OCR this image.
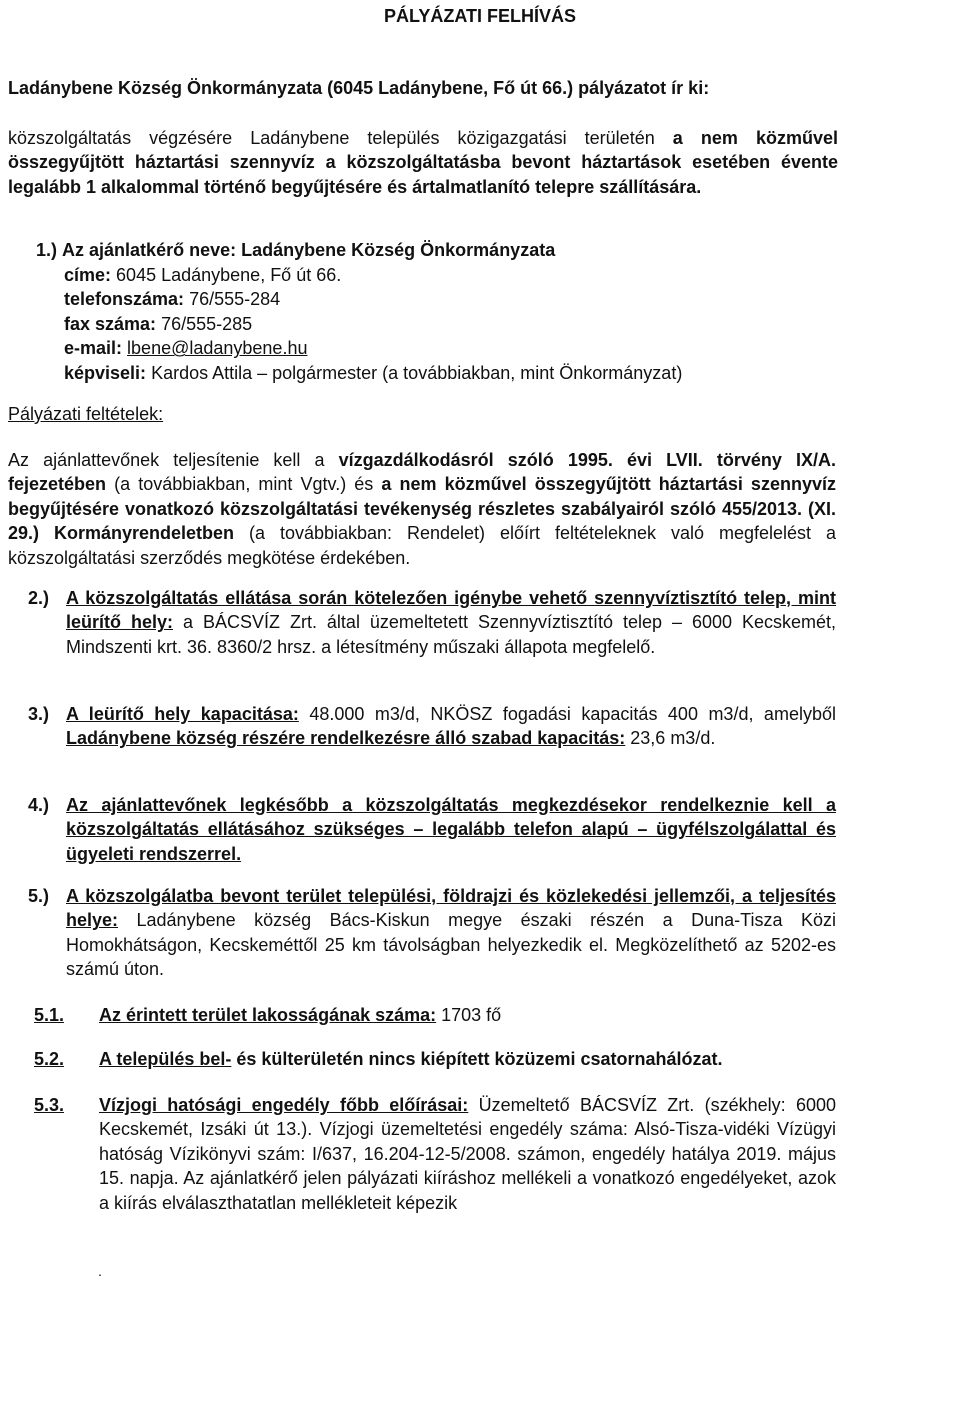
PÁLYÁZATI FELHÍVÁS
Ladánybene Község Önkormányzata (6045 Ladánybene, Fő út 66.) pályázatot ír ki:
közszolgáltatás végzésére Ladánybene település közigazgatási területén a nem közművel összegyűjtött háztartási szennyvíz a közszolgáltatásba bevont háztartások esetében évente legalább 1 alkalommal történő begyűjtésére és ártalmatlanító telepre szállítására.
1.) Az ajánlatkérő neve: Ladánybene Község Önkormányzata
címe: 6045 Ladánybene, Fő út 66.
telefonszáma: 76/555-284
fax száma: 76/555-285
e-mail: lbene@ladanybene.hu
képviseli: Kardos Attila – polgármester (a továbbiakban, mint Önkormányzat)
Pályázati feltételek:
Az ajánlattevőnek teljesítenie kell a vízgazdálkodásról szóló 1995. évi LVII. törvény IX/A. fejezetében (a továbbiakban, mint Vgtv.) és a nem közművel összegyűjtött háztartási szennyvíz begyűjtésére vonatkozó közszolgáltatási tevékenység részletes szabályairól szóló 455/2013. (XI. 29.) Kormányrendeletben (a továbbiakban: Rendelet) előírt feltételeknek való megfelelést a közszolgáltatási szerződés megkötése érdekében.
2.) A közszolgáltatás ellátása során kötelezően igénybe vehető szennyvíztisztító telep, mint leürítő hely: a BÁCSVÍZ Zrt. által üzemeltetett Szennyvíztisztító telep – 6000 Kecskemét, Mindszenti krt. 36. 8360/2 hrsz. a létesítmény műszaki állapota megfelelő.
3.) A leürítő hely kapacitása: 48.000 m3/d, NKÖSZ fogadási kapacitás 400 m3/d, amelyből Ladánybene község részére rendelkezésre álló szabad kapacitás: 23,6 m3/d.
4.) Az ajánlattevőnek legkésőbb a közszolgáltatás megkezdésekor rendelkeznie kell a közszolgáltatás ellátásához szükséges – legalább telefon alapú – ügyfélszolgálattal és ügyeleti rendszerrel.
5.) A közszolgálatba bevont terület települési, földrajzi és közlekedési jellemzői, a teljesítés helye: Ladánybene község Bács-Kiskun megye északi részén a Duna-Tisza Közi Homokhátságon, Kecskeméttől 25 km távolságban helyezkedik el. Megközelíthető az 5202-es számú úton.
5.1. Az érintett terület lakosságának száma: 1703 fő
5.2. A település bel- és külterületén nincs kiépített közüzemi csatornahálózat.
5.3. Vízjogi hatósági engedély főbb előírásai: Üzemeltető BÁCSVÍZ Zrt. (székhely: 6000 Kecskemét, Izsáki út 13.). Vízjogi üzemeltetési engedély száma: Alsó-Tisza-vidéki Vízügyi hatóság Vízikönyvi szám: I/637, 16.204-12-5/2008. számon, engedély hatálya 2019. május 15. napja. Az ajánlatkérő jelen pályázati kiíráshoz mellékeli a vonatkozó engedélyeket, azok a kiírás elválaszthatatlan mellékleteit képezik
.
